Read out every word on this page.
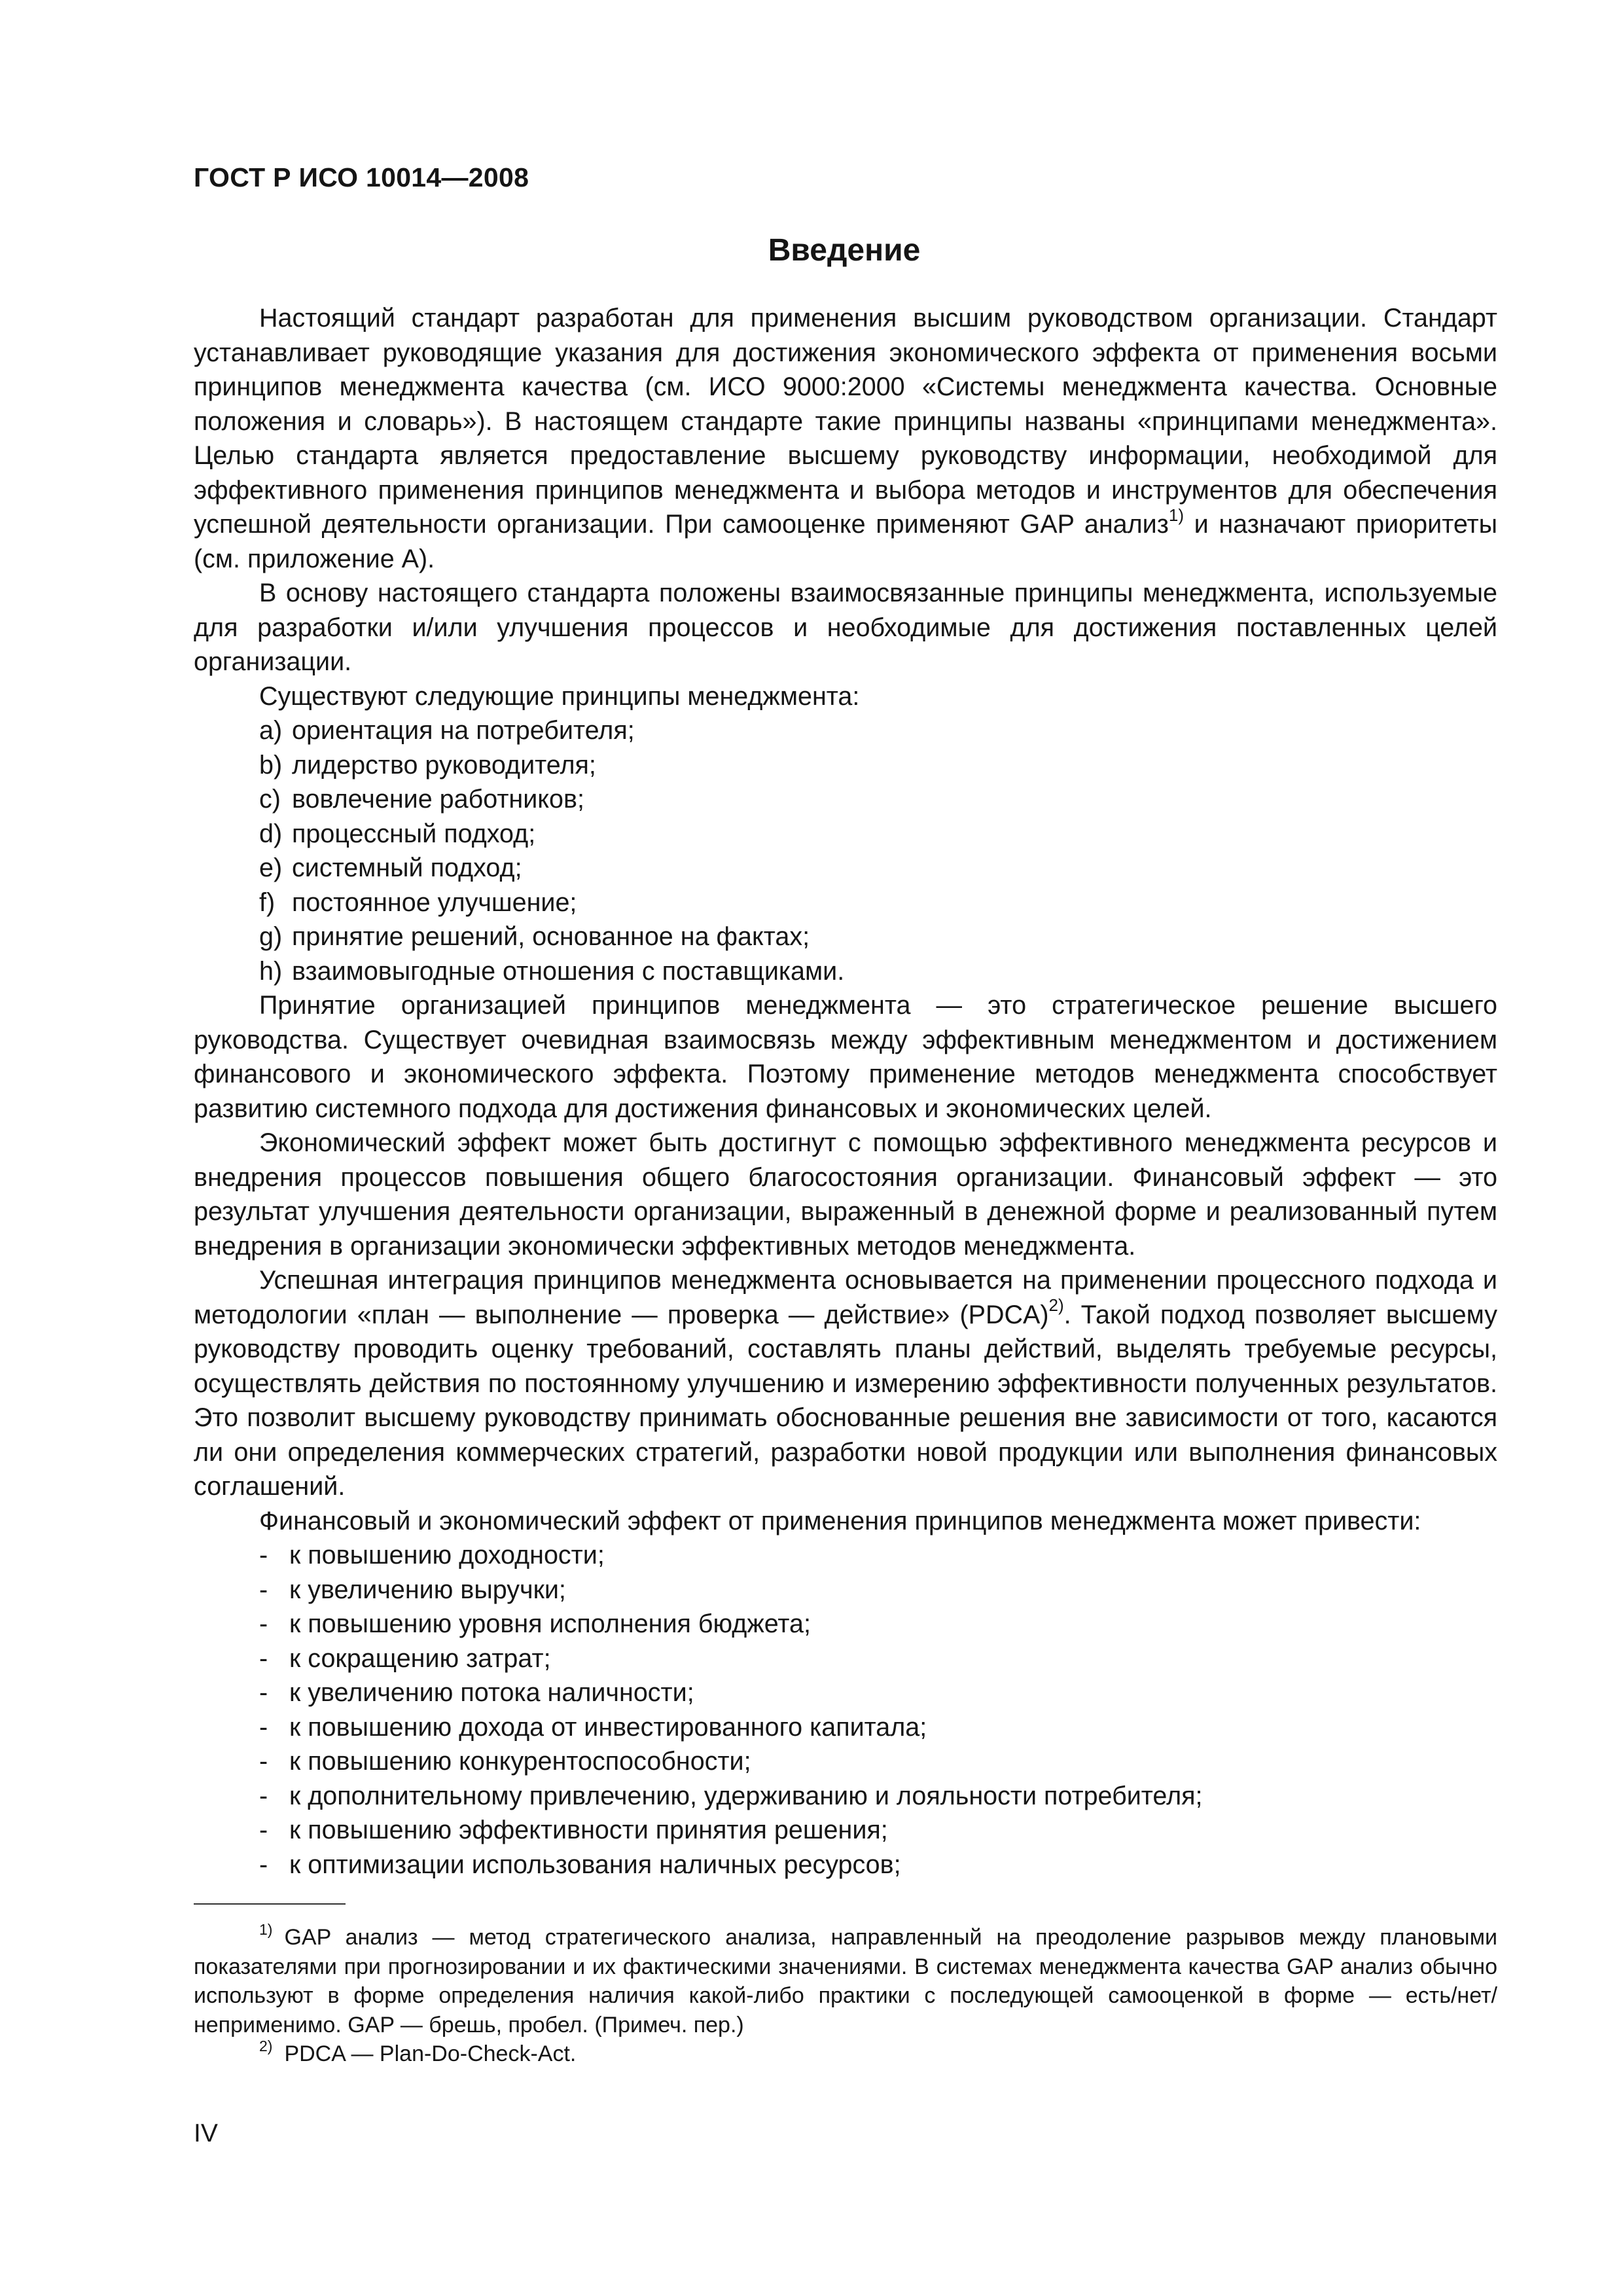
ГОСТ Р ИСО 10014—2008
Введение

Настоящий стандарт разработан для применения высшим руководством организации. Стандарт устанавливает руководящие указания для достижения экономического эффекта от применения восьми принципов менеджмента качества (см. ИСО 9000:2000 «Системы менеджмента качества. Основные положения и словарь»). В настоящем стандарте такие принципы названы «принципами менеджмента». Целью стандарта является предоставление высшему руководству информации, необходимой для эффективного применения принципов менеджмента и выбора методов и инструментов для обеспечения успешной деятельности организации. При самооценке применяют GAP анализ$^{1)}$ и назначают приоритеты (см. приложение А).

В основу настоящего стандарта положены взаимосвязанные принципы менеджмента, используемые для разработки и/или улучшения процессов и необходимые для достижения поставленных целей организации.

Существуют следующие принципы менеджмента:

a) ориентация на потребителя;
b) лидерство руководителя;
c) вовлечение работников;
d) процессный подход;
e) системный подход;
f) постоянное улучшение;
g) принятие решений, основанное на фактах;
h) взаимовыгодные отношения с поставщиками.

Принятие организацией принципов менеджмента — это стратегическое решение высшего руководства. Существует очевидная взаимосвязь между эффективным менеджментом и достижением финансового и экономического эффекта. Поэтому применение методов менеджмента способствует развитию системного подхода для достижения финансовых и экономических целей.

Экономический эффект может быть достигнут с помощью эффективного менеджмента ресурсов и внедрения процессов повышения общего благосостояния организации. Финансовый эффект — это результат улучшения деятельности организации, выраженный в денежной форме и реализованный путем внедрения в организации экономически эффективных методов менеджмента.

Успешная интеграция принципов менеджмента основывается на применении процессного подхода и методологии «план — выполнение — проверка — действие» (PDCA)$^{2)}$. Такой подход позволяет высшему руководству проводить оценку требований, составлять планы действий, выделять требуемые ресурсы, осуществлять действия по постоянному улучшению и измерению эффективности полученных результатов. Это позволит высшему руководству принимать обоснованные решения вне зависимости от того, касаются ли они определения коммерческих стратегий, разработки новой продукции или выполнения финансовых соглашений.

Финансовый и экономический эффект от применения принципов менеджмента может привести:

- к повышению доходности;
- к увеличению выручки;
- к повышению уровня исполнения бюджета;
- к сокращению затрат;
- к увеличению потока наличности;
- к повышению дохода от инвестированного капитала;
- к повышению конкурентоспособности;
- к дополнительному привлечению, удерживанию и лояльности потребителя;
- к повышению эффективности принятия решения;
- к оптимизации использования наличных ресурсов;

$^{1)}$ GAP анализ — метод стратегического анализа, направленный на преодоление разрывов между плановыми показателями при прогнозировании и их фактическими значениями. В системах менеджмента качества GAP анализ обычно используют в форме определения наличия какой-либо практики с последующей самооценкой в форме — есть/нет/неприменимо. GAP — брешь, пробел. (Примеч. пер.)

$^{2)}$ PDCA — Plan-Do-Check-Act.

IV
